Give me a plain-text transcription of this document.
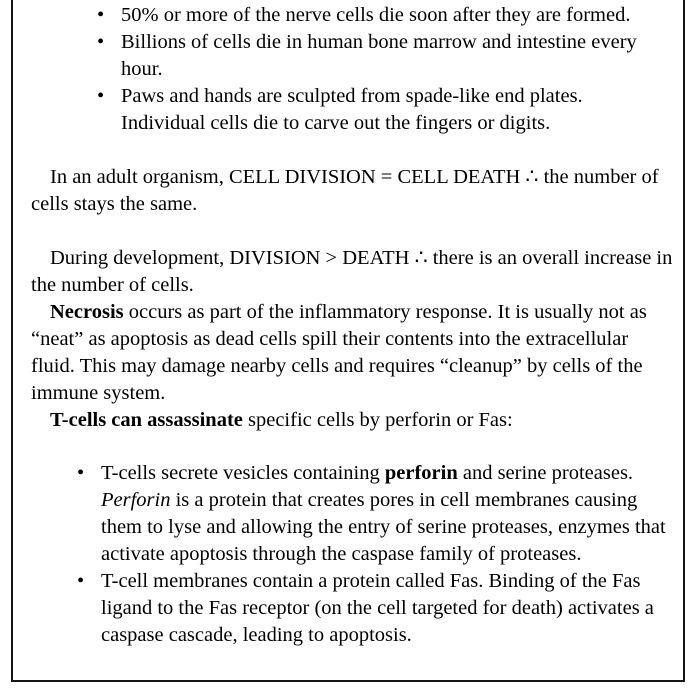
• 50% or more of the nerve cells die soon after they are formed.
• Billions of cells die in human bone marrow and intestine every hour.
• Paws and hands are sculpted from spade-like end plates. Individual cells die to carve out the fingers or digits.

In an adult organism, CELL DIVISION = CELL DEATH ∴ the number of cells stays the same.

During development, DIVISION > DEATH ∴ there is an overall increase in the number of cells.

Necrosis occurs as part of the inflammatory response. It is usually not as “neat” as apoptosis as dead cells spill their contents into the extracellular fluid. This may damage nearby cells and requires “cleanup” by cells of the immune system.

T-cells can assassinate specific cells by perforin or Fas:

• T-cells secrete vesicles containing perforin and serine proteases. Perforin is a protein that creates pores in cell membranes causing them to lyse and allowing the entry of serine proteases, enzymes that activate apoptosis through the caspase family of proteases.
• T-cell membranes contain a protein called Fas. Binding of the Fas ligand to the Fas receptor (on the cell targeted for death) activates a caspase cascade, leading to apoptosis.
